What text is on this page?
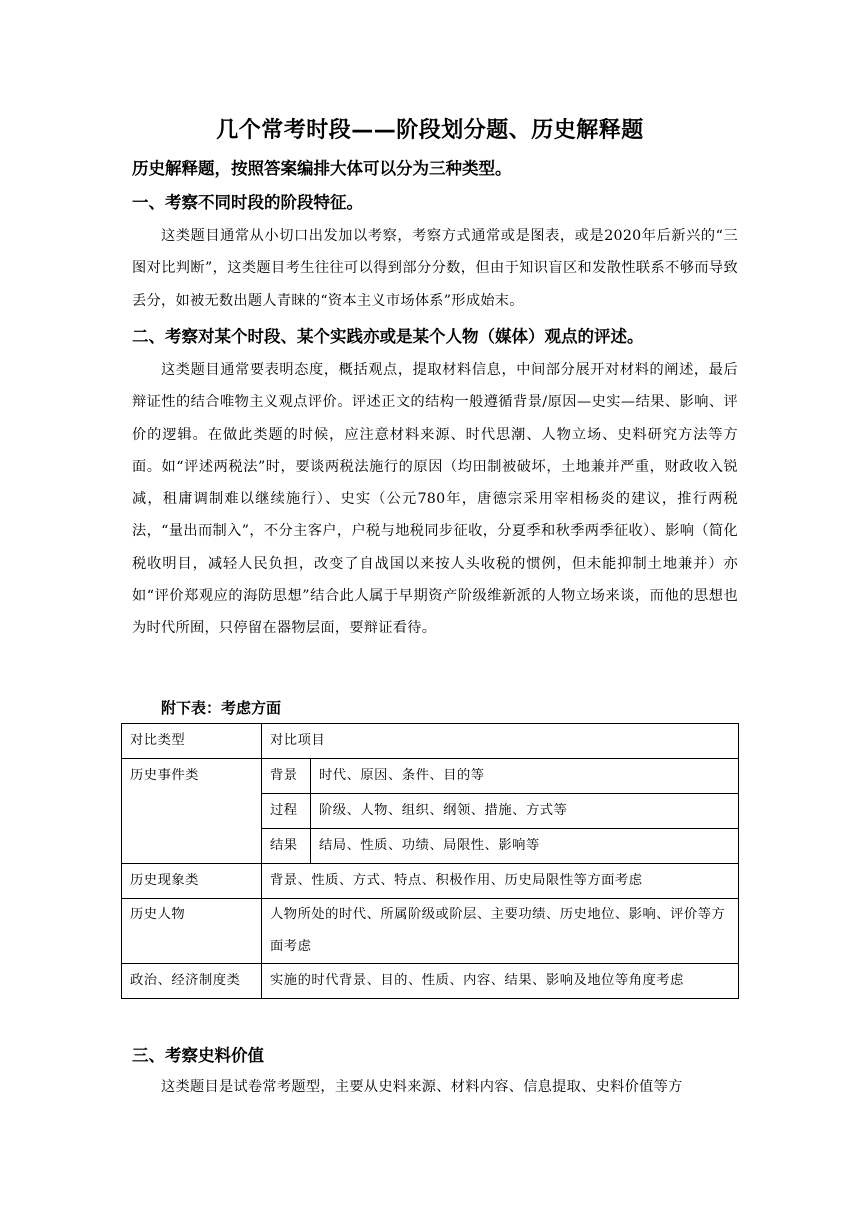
几个常考时段——阶段划分题、历史解释题
历史解释题，按照答案编排大体可以分为三种类型。
一、考察不同时段的阶段特征。
这类题目通常从小切口出发加以考察，考察方式通常或是图表，或是2020年后新兴的“三图对比判断”，这类题目考生往往可以得到部分分数，但由于知识盲区和发散性联系不够而导致丢分，如被无数出题人青睐的“资本主义市场体系”形成始末。
二、考察对某个时段、某个实践亦或是某个人物（媒体）观点的评述。
这类题目通常要表明态度，概括观点，提取材料信息，中间部分展开对材料的阐述，最后辩证性的结合唯物主义观点评价。评述正文的结构一般遵循背景/原因—史实—结果、影响、评价的逻辑。在做此类题的时候，应注意材料来源、时代思潮、人物立场、史料研究方法等方面。如“评述两税法”时，要谈两税法施行的原因（均田制被破坏，土地兼并严重，财政收入锐减，租庸调制难以继续施行）、史实（公元780年，唐德宗采用宰相杨炎的建议，推行两税法，“量出而制入”，不分主客户，户税与地税同步征收，分夏季和秋季两季征收）、影响（简化税收明目，减轻人民负担，改变了自战国以来按人头收税的惯例，但未能抑制土地兼并）亦如“评价郑观应的海防思想”结合此人属于早期资产阶级维新派的人物立场来谈，而他的思想也为时代所囿，只停留在器物层面，要辩证看待。
附下表：考虑方面
对比类型	对比项目	
历史事件类	背景	时代、原因、条件、目的等
	过程	阶级、人物、组织、纲领、措施、方式等
	结果	结局、性质、功绩、局限性、影响等
历史现象类	背景、性质、方式、特点、积极作用、历史局限性等方面考虑	
历史人物	人物所处的时代、所属阶级或阶层、主要功绩、历史地位、影响、评价等方面考虑	
政治、经济制度类	实施的时代背景、目的、性质、内容、结果、影响及地位等角度考虑	
三、考察史料价值
这类题目是试卷常考题型，主要从史料来源、材料内容、信息提取、史料价值等方
